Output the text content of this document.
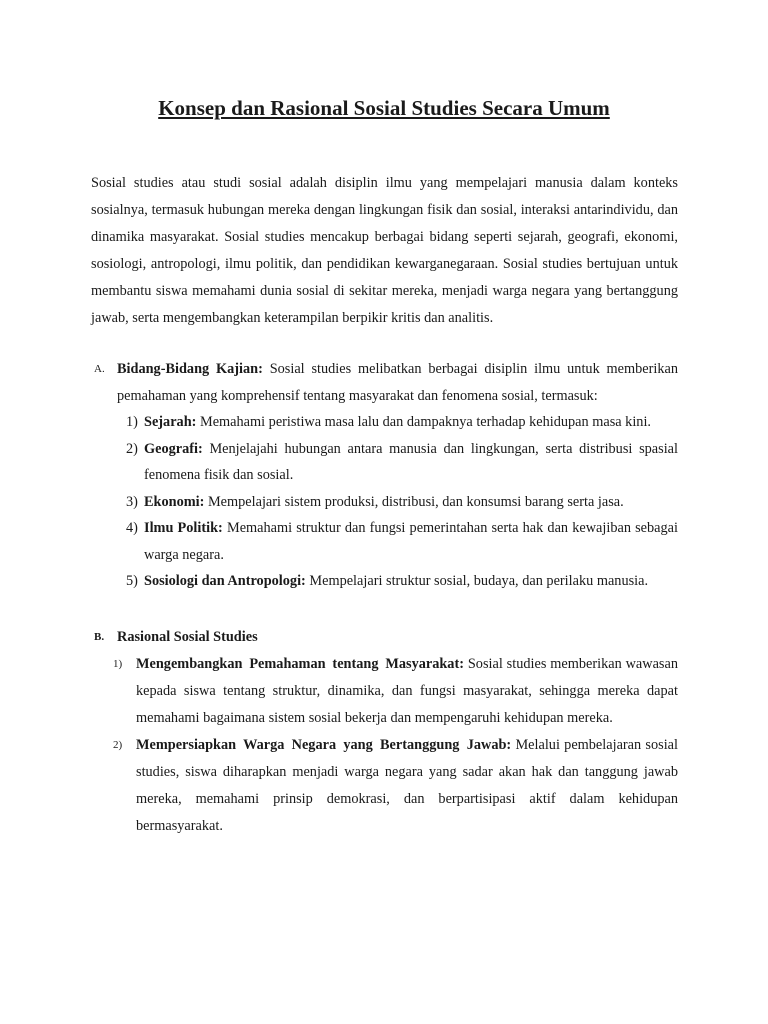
Konsep dan Rasional Sosial Studies Secara Umum

Sosial studies atau studi sosial adalah disiplin ilmu yang mempelajari manusia dalam konteks sosialnya, termasuk hubungan mereka dengan lingkungan fisik dan sosial, interaksi antarindividu, dan dinamika masyarakat. Sosial studies mencakup berbagai bidang seperti sejarah, geografi, ekonomi, sosiologi, antropologi, ilmu politik, dan pendidikan kewarganegaraan. Sosial studies bertujuan untuk membantu siswa memahami dunia sosial di sekitar mereka, menjadi warga negara yang bertanggung jawab, serta mengembangkan keterampilan berpikir kritis dan analitis.

A. Bidang-Bidang Kajian: Sosial studies melibatkan berbagai disiplin ilmu untuk memberikan pemahaman yang komprehensif tentang masyarakat dan fenomena sosial, termasuk:
1) Sejarah: Memahami peristiwa masa lalu dan dampaknya terhadap kehidupan masa kini.
2) Geografi: Menjelajahi hubungan antara manusia dan lingkungan, serta distribusi spasial fenomena fisik dan sosial.
3) Ekonomi: Mempelajari sistem produksi, distribusi, dan konsumsi barang serta jasa.
4) Ilmu Politik: Memahami struktur dan fungsi pemerintahan serta hak dan kewajiban sebagai warga negara.
5) Sosiologi dan Antropologi: Mempelajari struktur sosial, budaya, dan perilaku manusia.
B. Rasional Sosial Studies
1) Mengembangkan Pemahaman tentang Masyarakat: Sosial studies memberikan wawasan kepada siswa tentang struktur, dinamika, dan fungsi masyarakat, sehingga mereka dapat memahami bagaimana sistem sosial bekerja dan mempengaruhi kehidupan mereka.
2) Mempersiapkan Warga Negara yang Bertanggung Jawab: Melalui pembelajaran sosial studies, siswa diharapkan menjadi warga negara yang sadar akan hak dan tanggung jawab mereka, memahami prinsip demokrasi, dan berpartisipasi aktif dalam kehidupan bermasyarakat.
